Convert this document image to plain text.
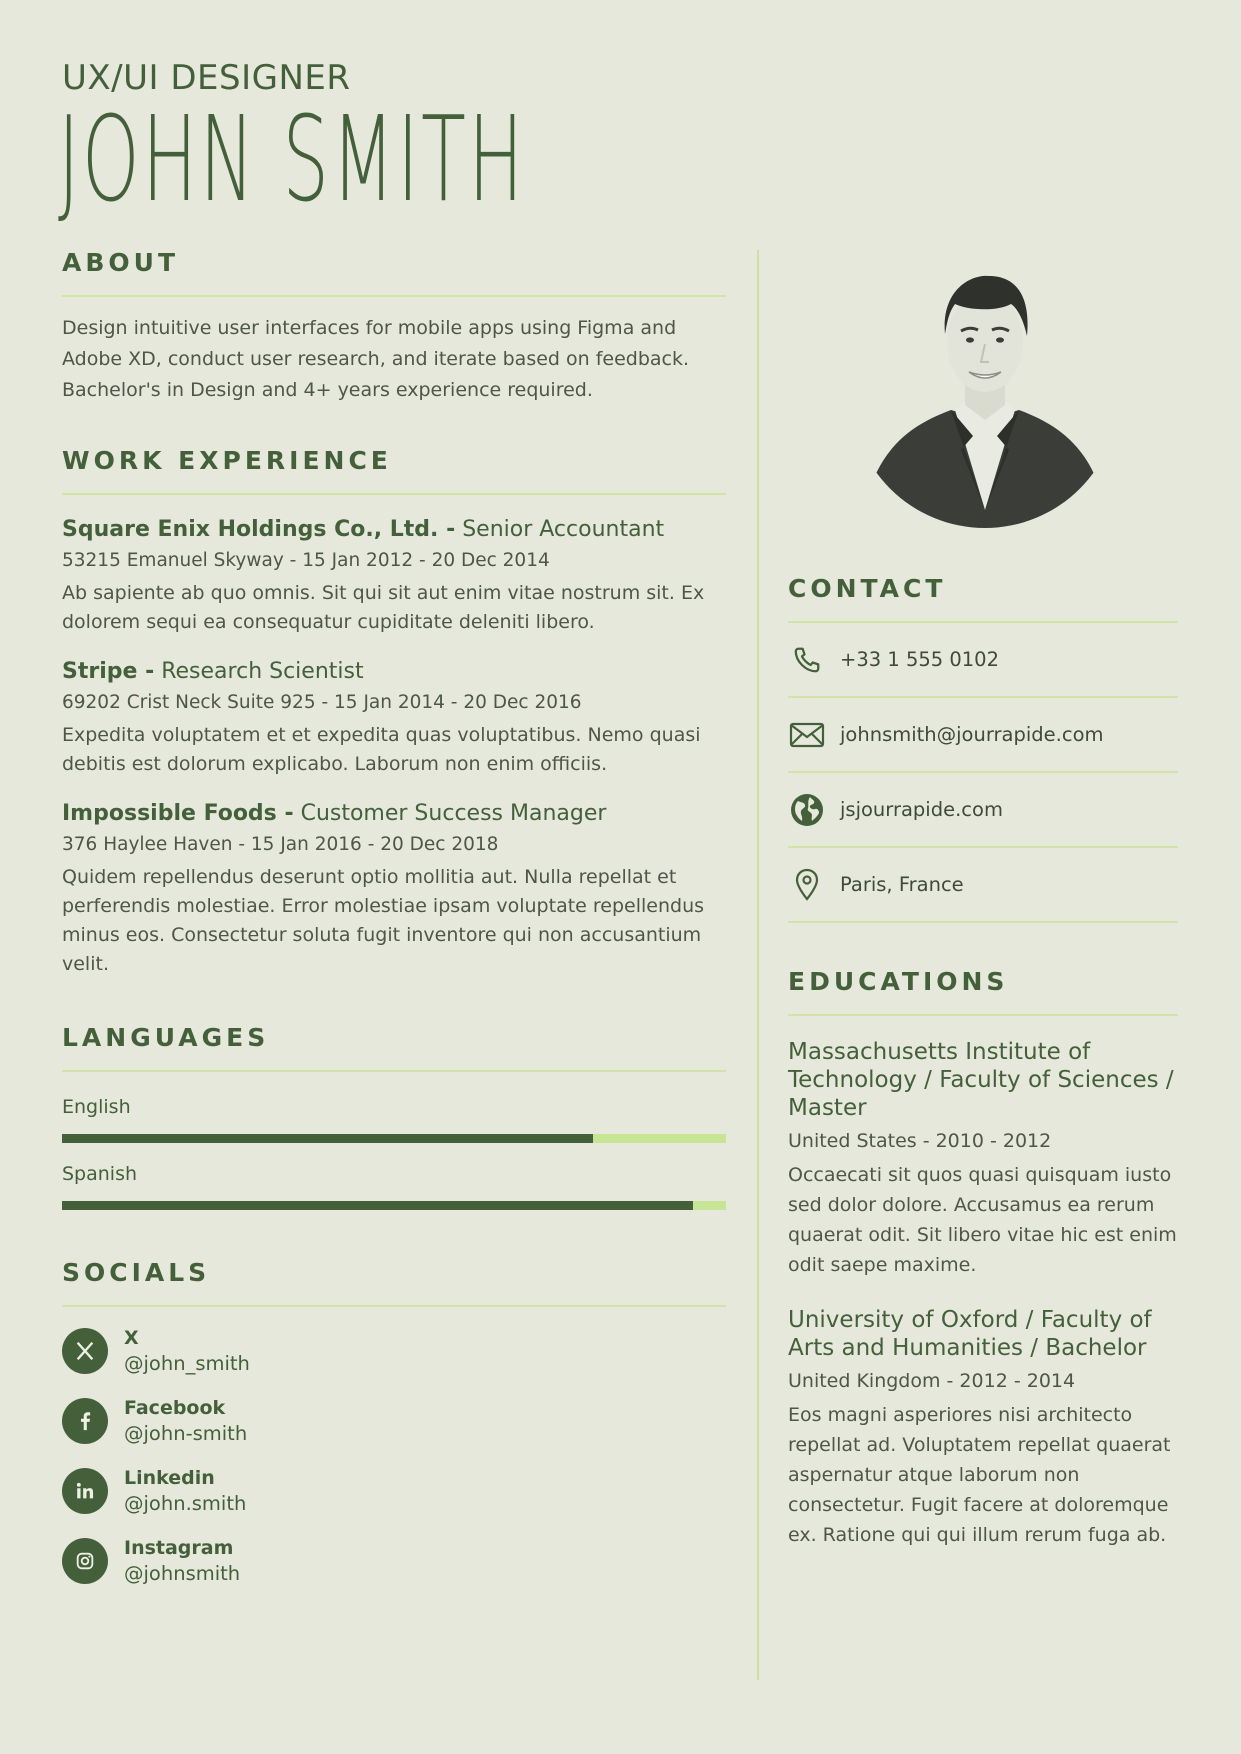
UX/UI DESIGNER
JOHN SMITH
ABOUT
Design intuitive user interfaces for mobile apps using Figma and Adobe XD, conduct user research, and iterate based on feedback. Bachelor's in Design and 4+ years experience required.
WORK EXPERIENCE
Square Enix Holdings Co., Ltd. - Senior Accountant
53215 Emanuel Skyway - 15 Jan 2012 - 20 Dec 2014
Ab sapiente ab quo omnis. Sit qui sit aut enim vitae nostrum sit. Ex dolorem sequi ea consequatur cupiditate deleniti libero.
Stripe - Research Scientist
69202 Crist Neck Suite 925 - 15 Jan 2014 - 20 Dec 2016
Expedita voluptatem et et expedita quas voluptatibus. Nemo quasi debitis est dolorum explicabo. Laborum non enim officiis.
Impossible Foods - Customer Success Manager
376 Haylee Haven - 15 Jan 2016 - 20 Dec 2018
Quidem repellendus deserunt optio mollitia aut. Nulla repellat et perferendis molestiae. Error molestiae ipsam voluptate repellendus minus eos. Consectetur soluta fugit inventore qui non accusantium velit.
LANGUAGES
English
Spanish
SOCIALS
X
@john_smith
Facebook
@john-smith
Linkedin
@john.smith
Instagram
@johnsmith
CONTACT
+33 1 555 0102
johnsmith@jourrapide.com
jsjourrapide.com
Paris, France
EDUCATIONS
Massachusetts Institute of Technology / Faculty of Sciences / Master
United States - 2010 - 2012
Occaecati sit quos quasi quisquam iusto sed dolor dolore. Accusamus ea rerum quaerat odit. Sit libero vitae hic est enim odit saepe maxime.
University of Oxford / Faculty of Arts and Humanities / Bachelor
United Kingdom - 2012 - 2014
Eos magni asperiores nisi architecto repellat ad. Voluptatem repellat quaerat aspernatur atque laborum non consectetur. Fugit facere at doloremque ex. Ratione qui qui illum rerum fuga ab.
